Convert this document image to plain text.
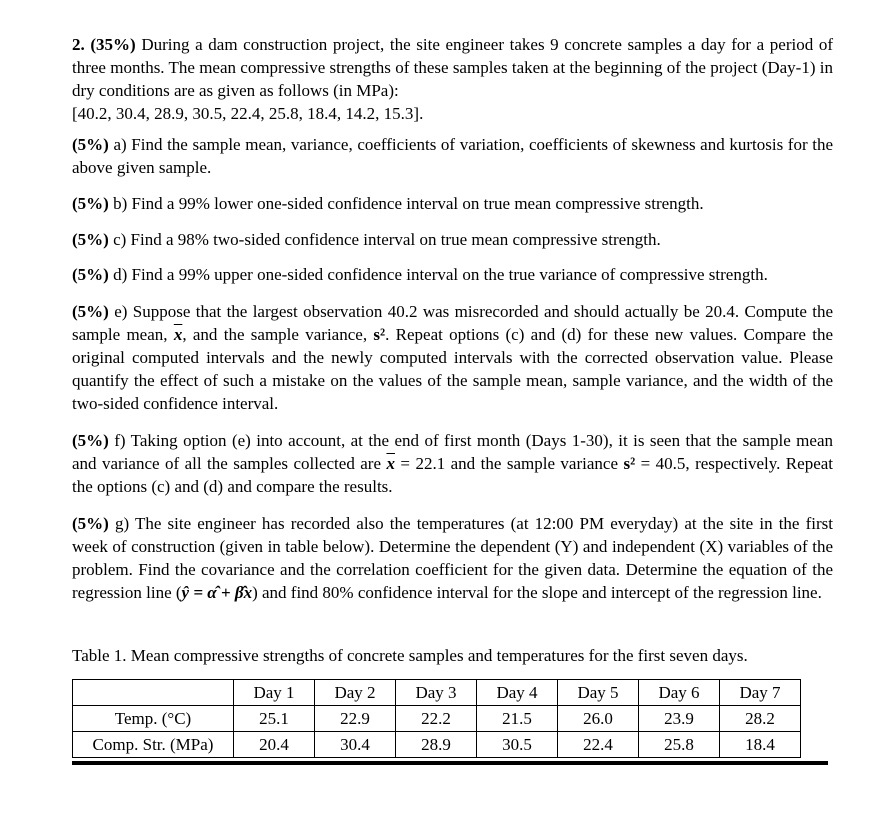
2. (35%) During a dam construction project, the site engineer takes 9 concrete samples a day for a period of three months. The mean compressive strengths of these samples taken at the beginning of the project (Day-1) in dry conditions are as given as follows (in MPa):
[40.2, 30.4, 28.9, 30.5, 22.4, 25.8, 18.4, 14.2, 15.3].

(5%) a) Find the sample mean, variance, coefficients of variation, coefficients of skewness and kurtosis for the above given sample.

(5%) b) Find a 99% lower one-sided confidence interval on true mean compressive strength.

(5%) c) Find a 98% two-sided confidence interval on true mean compressive strength.

(5%) d) Find a 99% upper one-sided confidence interval on the true variance of compressive strength.

(5%) e) Suppose that the largest observation 40.2 was misrecorded and should actually be 20.4. Compute the sample mean, $\overline{x}$, and the sample variance, s². Repeat options (c) and (d) for these new values. Compare the original computed intervals and the newly computed intervals with the corrected observation value. Please quantify the effect of such a mistake on the values of the sample mean, sample variance, and the width of the two-sided confidence interval.

(5%) f) Taking option (e) into account, at the end of first month (Days 1-30), it is seen that the sample mean and variance of all the samples collected are $\overline{x} = 22.1$ and the sample variance s² = 40.5, respectively. Repeat the options (c) and (d) and compare the results.

(5%) g) The site engineer has recorded also the temperatures (at 12:00 PM everyday) at the site in the first week of construction (given in table below). Determine the dependent (Y) and independent (X) variables of the problem. Find the covariance and the correlation coefficient for the given data. Determine the equation of the regression line (ŷ = α̂ + β̂x) and find 80% confidence interval for the slope and intercept of the regression line.

Table 1. Mean compressive strengths of concrete samples and temperatures for the first seven days.

	Day 1	Day 2	Day 3	Day 4	Day 5	Day 6	Day 7
Temp. (°C)	25.1	22.9	22.2	21.5	26.0	23.9	28.2
Comp. Str. (MPa)	20.4	30.4	28.9	30.5	22.4	25.8	18.4
